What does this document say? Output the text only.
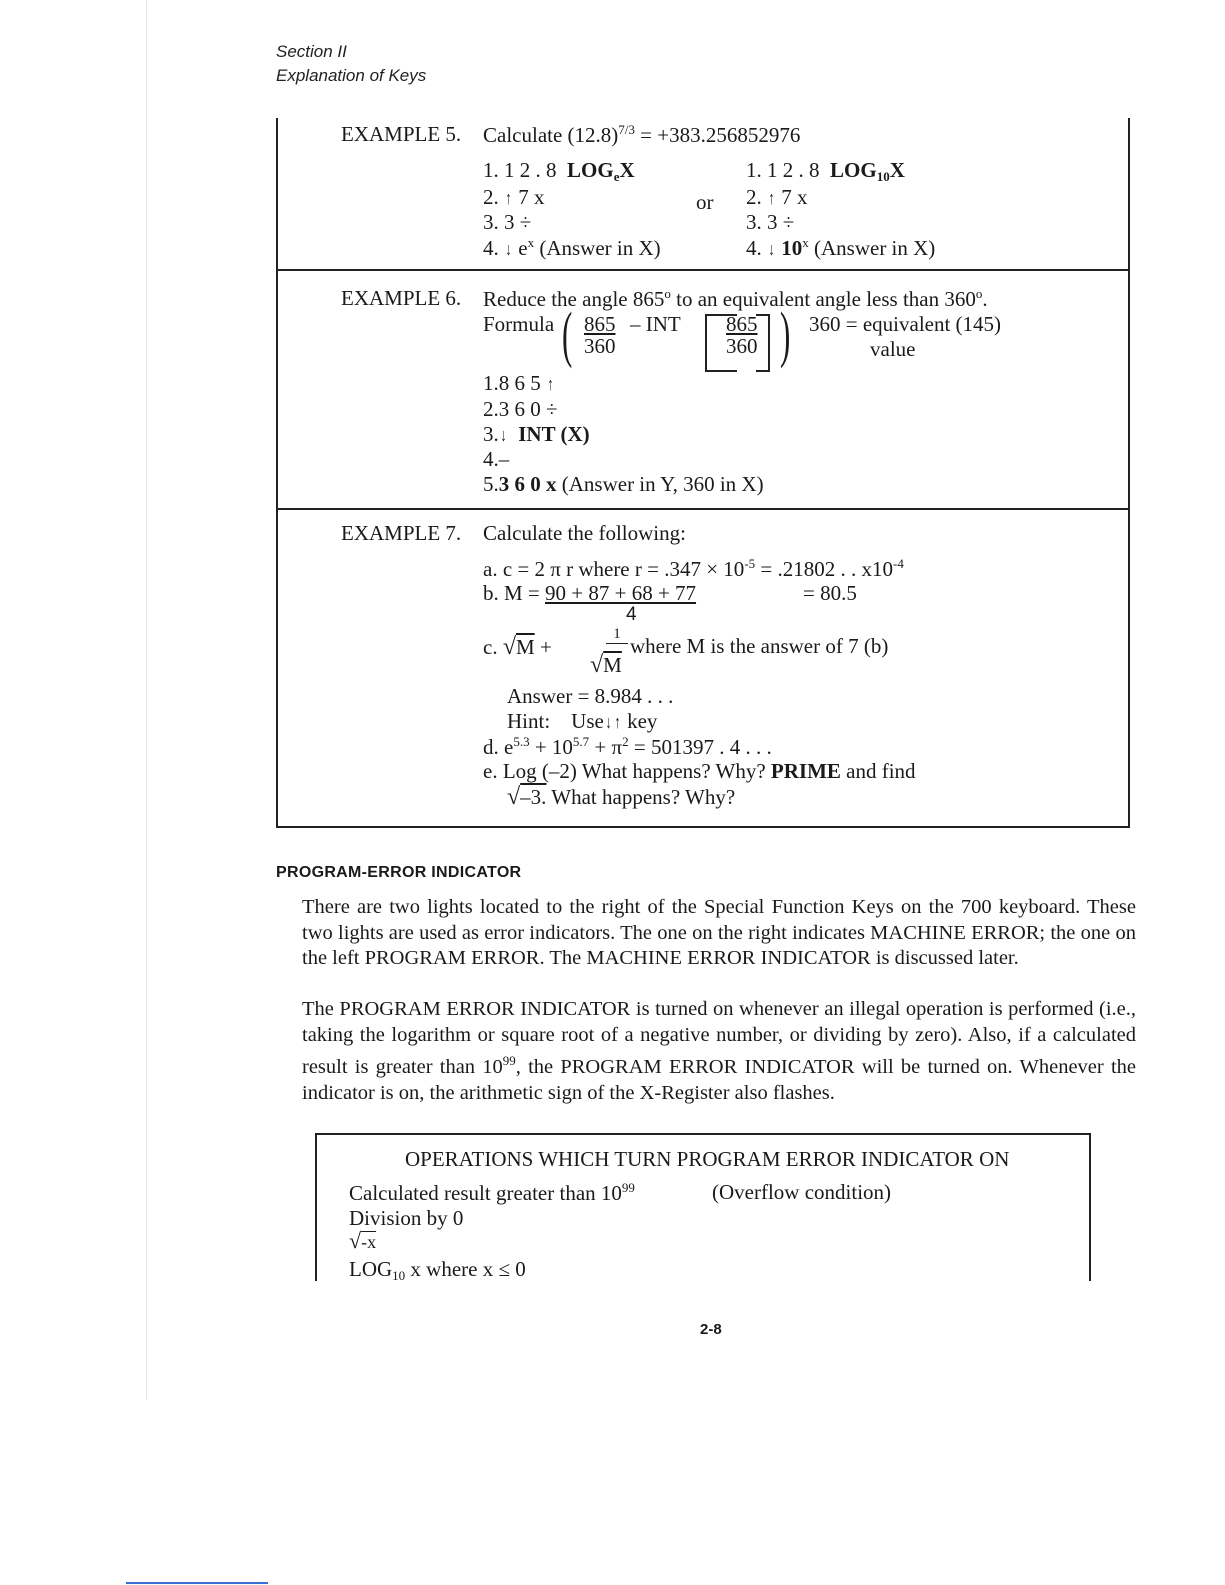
Section II
Explanation of Keys
EXAMPLE 5. Calculate $(12.8)^{7/3} = +383.256852976$
1. 1 2 . 8 $LOG_eX$
2. ↑ 7 x
3. 3 ÷
4. ↓ $e^x$ (Answer in X)
or
1. 1 2 . 8 $LOG_{10}X$
2. ↑ 7 x
3. 3 ÷
4. ↓ 10$^x$ (Answer in X)
EXAMPLE 6. Reduce the angle 865$^o$ to an equivalent angle less than 360$^o$.
Formula ( 865
360
– INT 865
360 ) 360 = equivalent (145)
value
1.8 6 5 ↑
2.3 6 0 ÷
3.↓ INT (X)
4.–
5.3 6 0 x (Answer in Y, 360 in X)
EXAMPLE 7. Calculate the following:
a. c = 2 π r where $r = .347 \times 10^{-5} = .21802$ . . $x10^{-4}$
b. M = 90 + 87 + 68 + 77
4
= 80.5
c. √M +
1
√M
where M is the answer of 7 (b)
Answer = 8.984 . . .
Hint: Use↓ ↑ key
d. $e^{5.3} + 10^{5.7} + \pi^2 = 501397$ . 4 . . .
e. Log (–2) What happens? Why? PRIME and find
√–3. What happens? Why?
PROGRAM-ERROR INDICATOR
There are two lights located to the right of the Special Function Keys on the 700 keyboard. These two lights are used as error indicators. The one on the right indicates MACHINE ERROR; the one on the left PROGRAM ERROR. The MACHINE ERROR INDICATOR is discussed later.
The PROGRAM ERROR INDICATOR is turned on whenever an illegal operation is performed (i.e., taking the logarithm or square root of a negative number, or dividing by zero). Also, if a calculated result is greater than $10^{99}$, the PROGRAM ERROR INDICATOR will be turned on. Whenever the indicator is on, the arithmetic sign of the X-Register also flashes.
OPERATIONS WHICH TURN PROGRAM ERROR INDICATOR ON
Calculated result greater than $10^{99}$	(Overflow condition)
Division by 0
√-x
$LOG_{10}$ x where x ≤ 0
2-8
